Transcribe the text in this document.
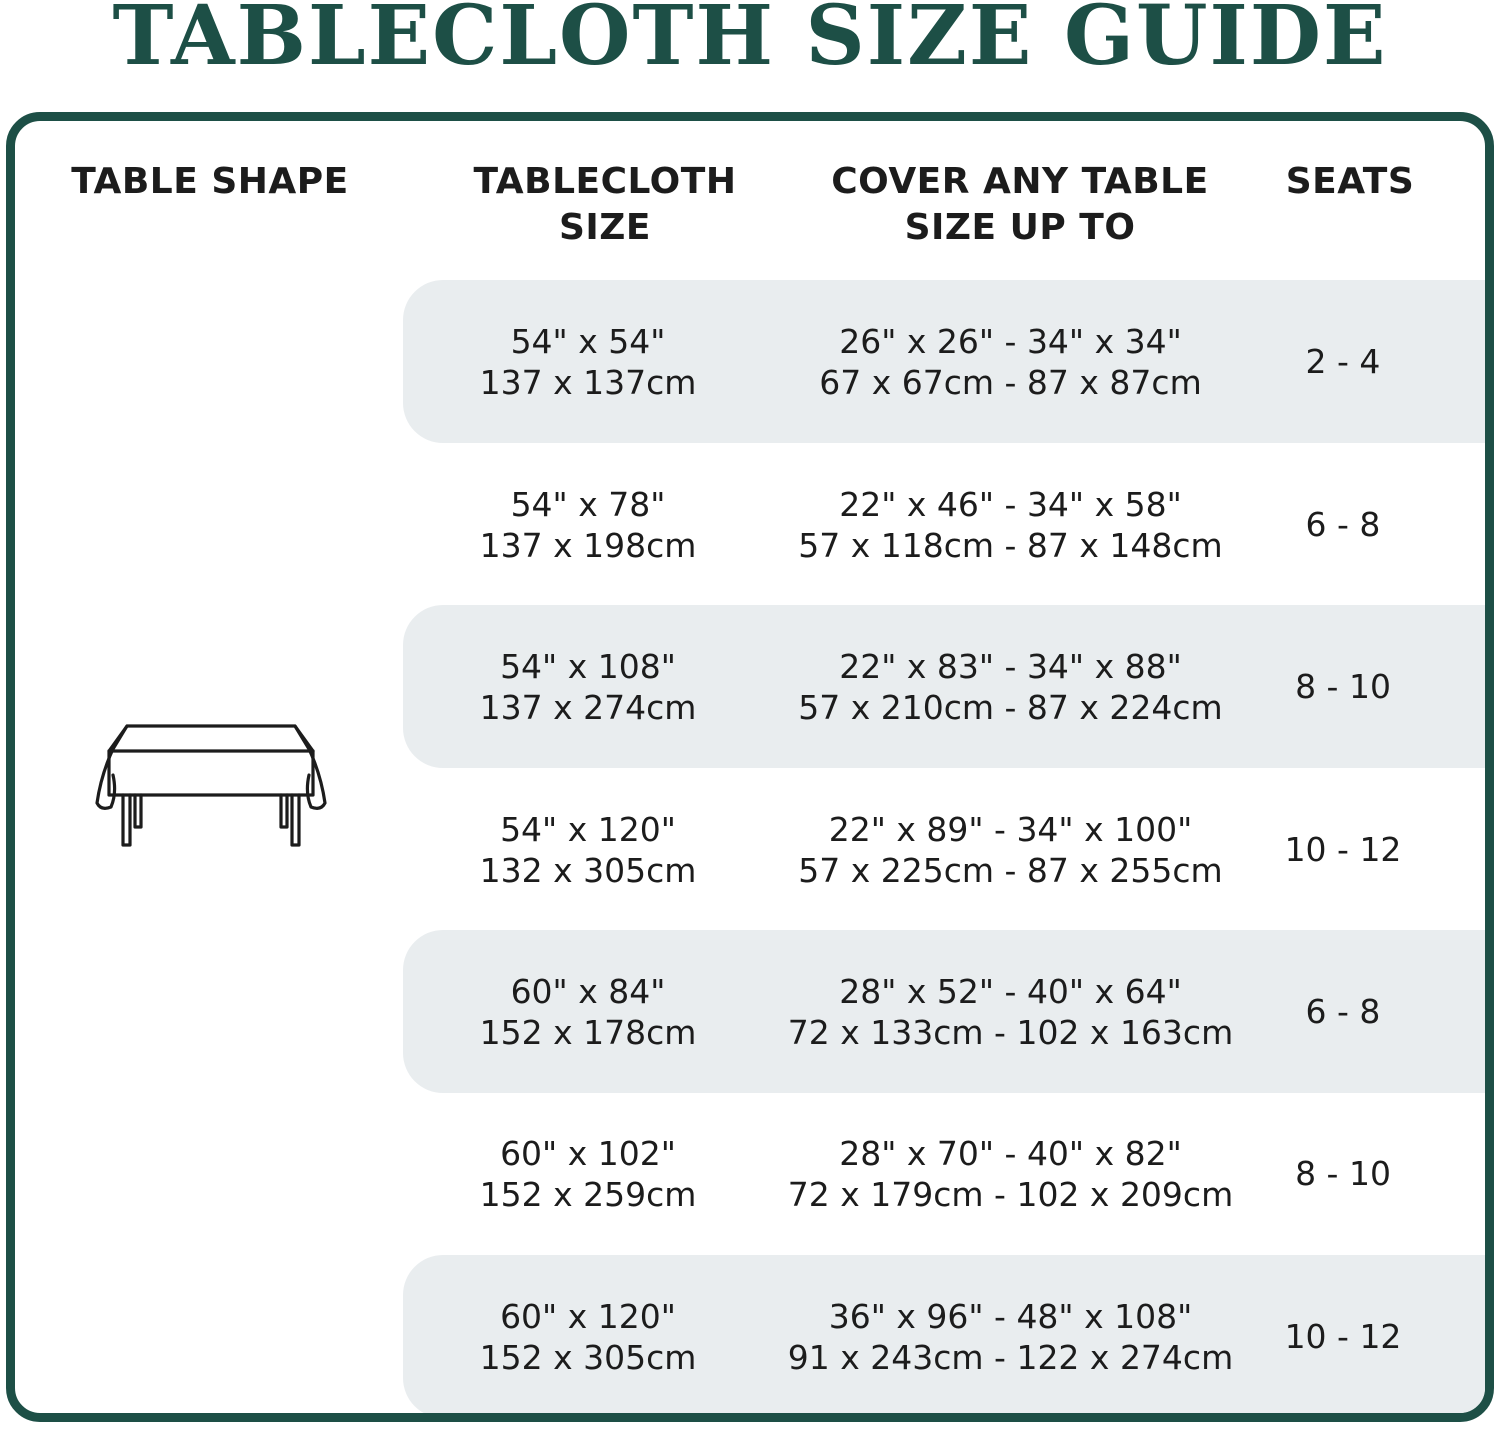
TABLECLOTH SIZE GUIDE
TABLE SHAPE	TABLECLOTH
SIZE
COVER ANY TABLE
SIZE UP TO
SEATS
54" x 54"
137 x 137cm
26" x 26" - 34" x 34"
67 x 67cm - 87 x 87cm
2 - 4
54" x 78"
137 x 198cm
22" x 46" - 34" x 58"
57 x 118cm - 87 x 148cm
6 - 8
54" x 108"
137 x 274cm
22" x 83" - 34" x 88"
57 x 210cm - 87 x 224cm
8 - 10
54" x 120"
132 x 305cm
22" x 89" - 34" x 100"
57 x 225cm - 87 x 255cm
10 - 12
60" x 84"
152 x 178cm
28" x 52" - 40" x 64"
72 x 133cm - 102 x 163cm
6 - 8
60" x 102"
152 x 259cm
28" x 70" - 40" x 82"
72 x 179cm - 102 x 209cm
8 - 10
60" x 120"
152 x 305cm
36" x 96" - 48" x 108"
91 x 243cm - 122 x 274cm
10 - 12
